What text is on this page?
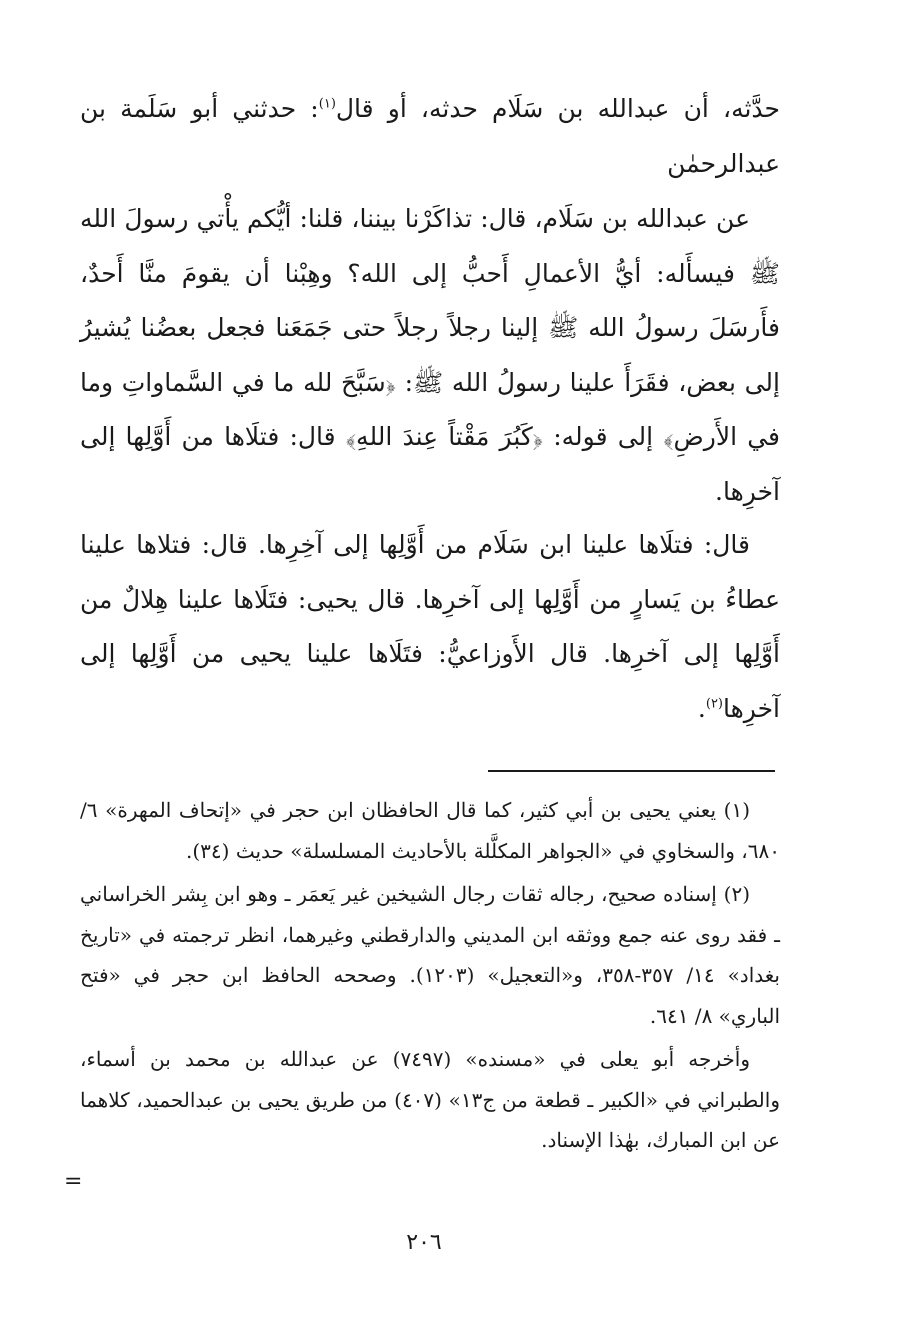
حدَّثه، أن عبدالله بن سَلَام حدثه، أو قال$^{(١)}$: حدثني أبو سَلَمة بن عبدالرحمٰن

عن عبدالله بن سَلَام، قال: تذاكَرْنا بيننا، قلنا: أيُّكم يأْتي رسولَ الله ﷺ فيسأَله: أيُّ الأعمالِ أَحبُّ إلى الله؟ وهِبْنا أن يقومَ منَّا أَحدٌ، فأَرسَلَ رسولُ الله ﷺ إلينا رجلاً رجلاً حتى جَمَعَنا فجعل بعضُنا يُشيرُ إلى بعض، فقَرَأَ علينا رسولُ الله ﷺ: ﴿سَبَّحَ لله ما في السَّماواتِ وما في الأَرضِ﴾ إلى قوله: ﴿كَبُرَ مَقْتاً عِندَ اللهِ﴾ قال: فتلَاها من أَوَّلِها إلى آخرِها.

قال: فتلَاها علينا ابن سَلَام من أَوَّلِها إلى آخِرِها. قال: فتلاها علينا عطاءُ بن يَسارٍ من أَوَّلِها إلى آخرِها. قال يحيى: فتَلَاها علينا هِلالٌ من أَوَّلِها إلى آخرِها. قال الأَوزاعيُّ: فتَلَاها علينا يحيى من أَوَّلِها إلى آخرِها$^{(٢)}$.

(١) يعني يحيى بن أبي كثير، كما قال الحافظان ابن حجر في «إتحاف المهرة» ٦/ ٦٨٠، والسخاوي في «الجواهر المكلَّلة بالأحاديث المسلسلة» حديث (٣٤).

(٢) إسناده صحيح، رجاله ثقات رجال الشيخين غير يَعمَر ـ وهو ابن بِشر الخراساني ـ فقد روى عنه جمع ووثقه ابن المديني والدارقطني وغيرهما، انظر ترجمته في «تاريخ بغداد» ١٤/ ٣٥٧-٣٥٨، و«التعجيل» (١٢٠٣). وصححه الحافظ ابن حجر في «فتح الباري» ٨/ ٦٤١.

وأخرجه أبو يعلى في «مسنده» (٧٤٩٧) عن عبدالله بن محمد بن أسماء، والطبراني في «الكبير ـ قطعة من ج١٣» (٤٠٧) من طريق يحيى بن عبدالحميد، كلاهما عن ابن المبارك، بهٰذا الإسناد.

=
٢٠٦
